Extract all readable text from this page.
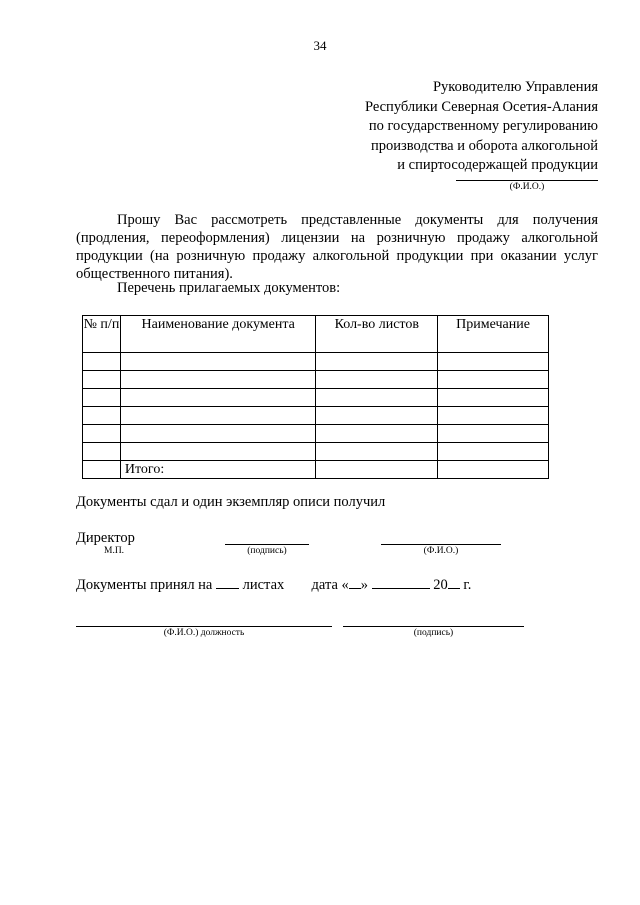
34
Руководителю Управления
Республики Северная Осетия-Алания
по государственному регулированию
производства и оборота алкогольной
и спиртосодержащей продукции
(Ф.И.О.)

Прошу Вас рассмотреть представленные документы для получения (продления, переоформления) лицензии на розничную продажу алкогольной продукции (на розничную продажу алкогольной продукции при оказании услуг общественного питания).

Перечень прилагаемых документов:
№ п/п	Наименование документа	Кол-во листов	Примечание

	Итого:		
Документы сдал и один экземпляр описи получил
Директор
М.П.	(подпись)	(Ф.И.О.)
Документы принял на листах дата « »	20 г.
(Ф.И.О.) должность	(подпись)
